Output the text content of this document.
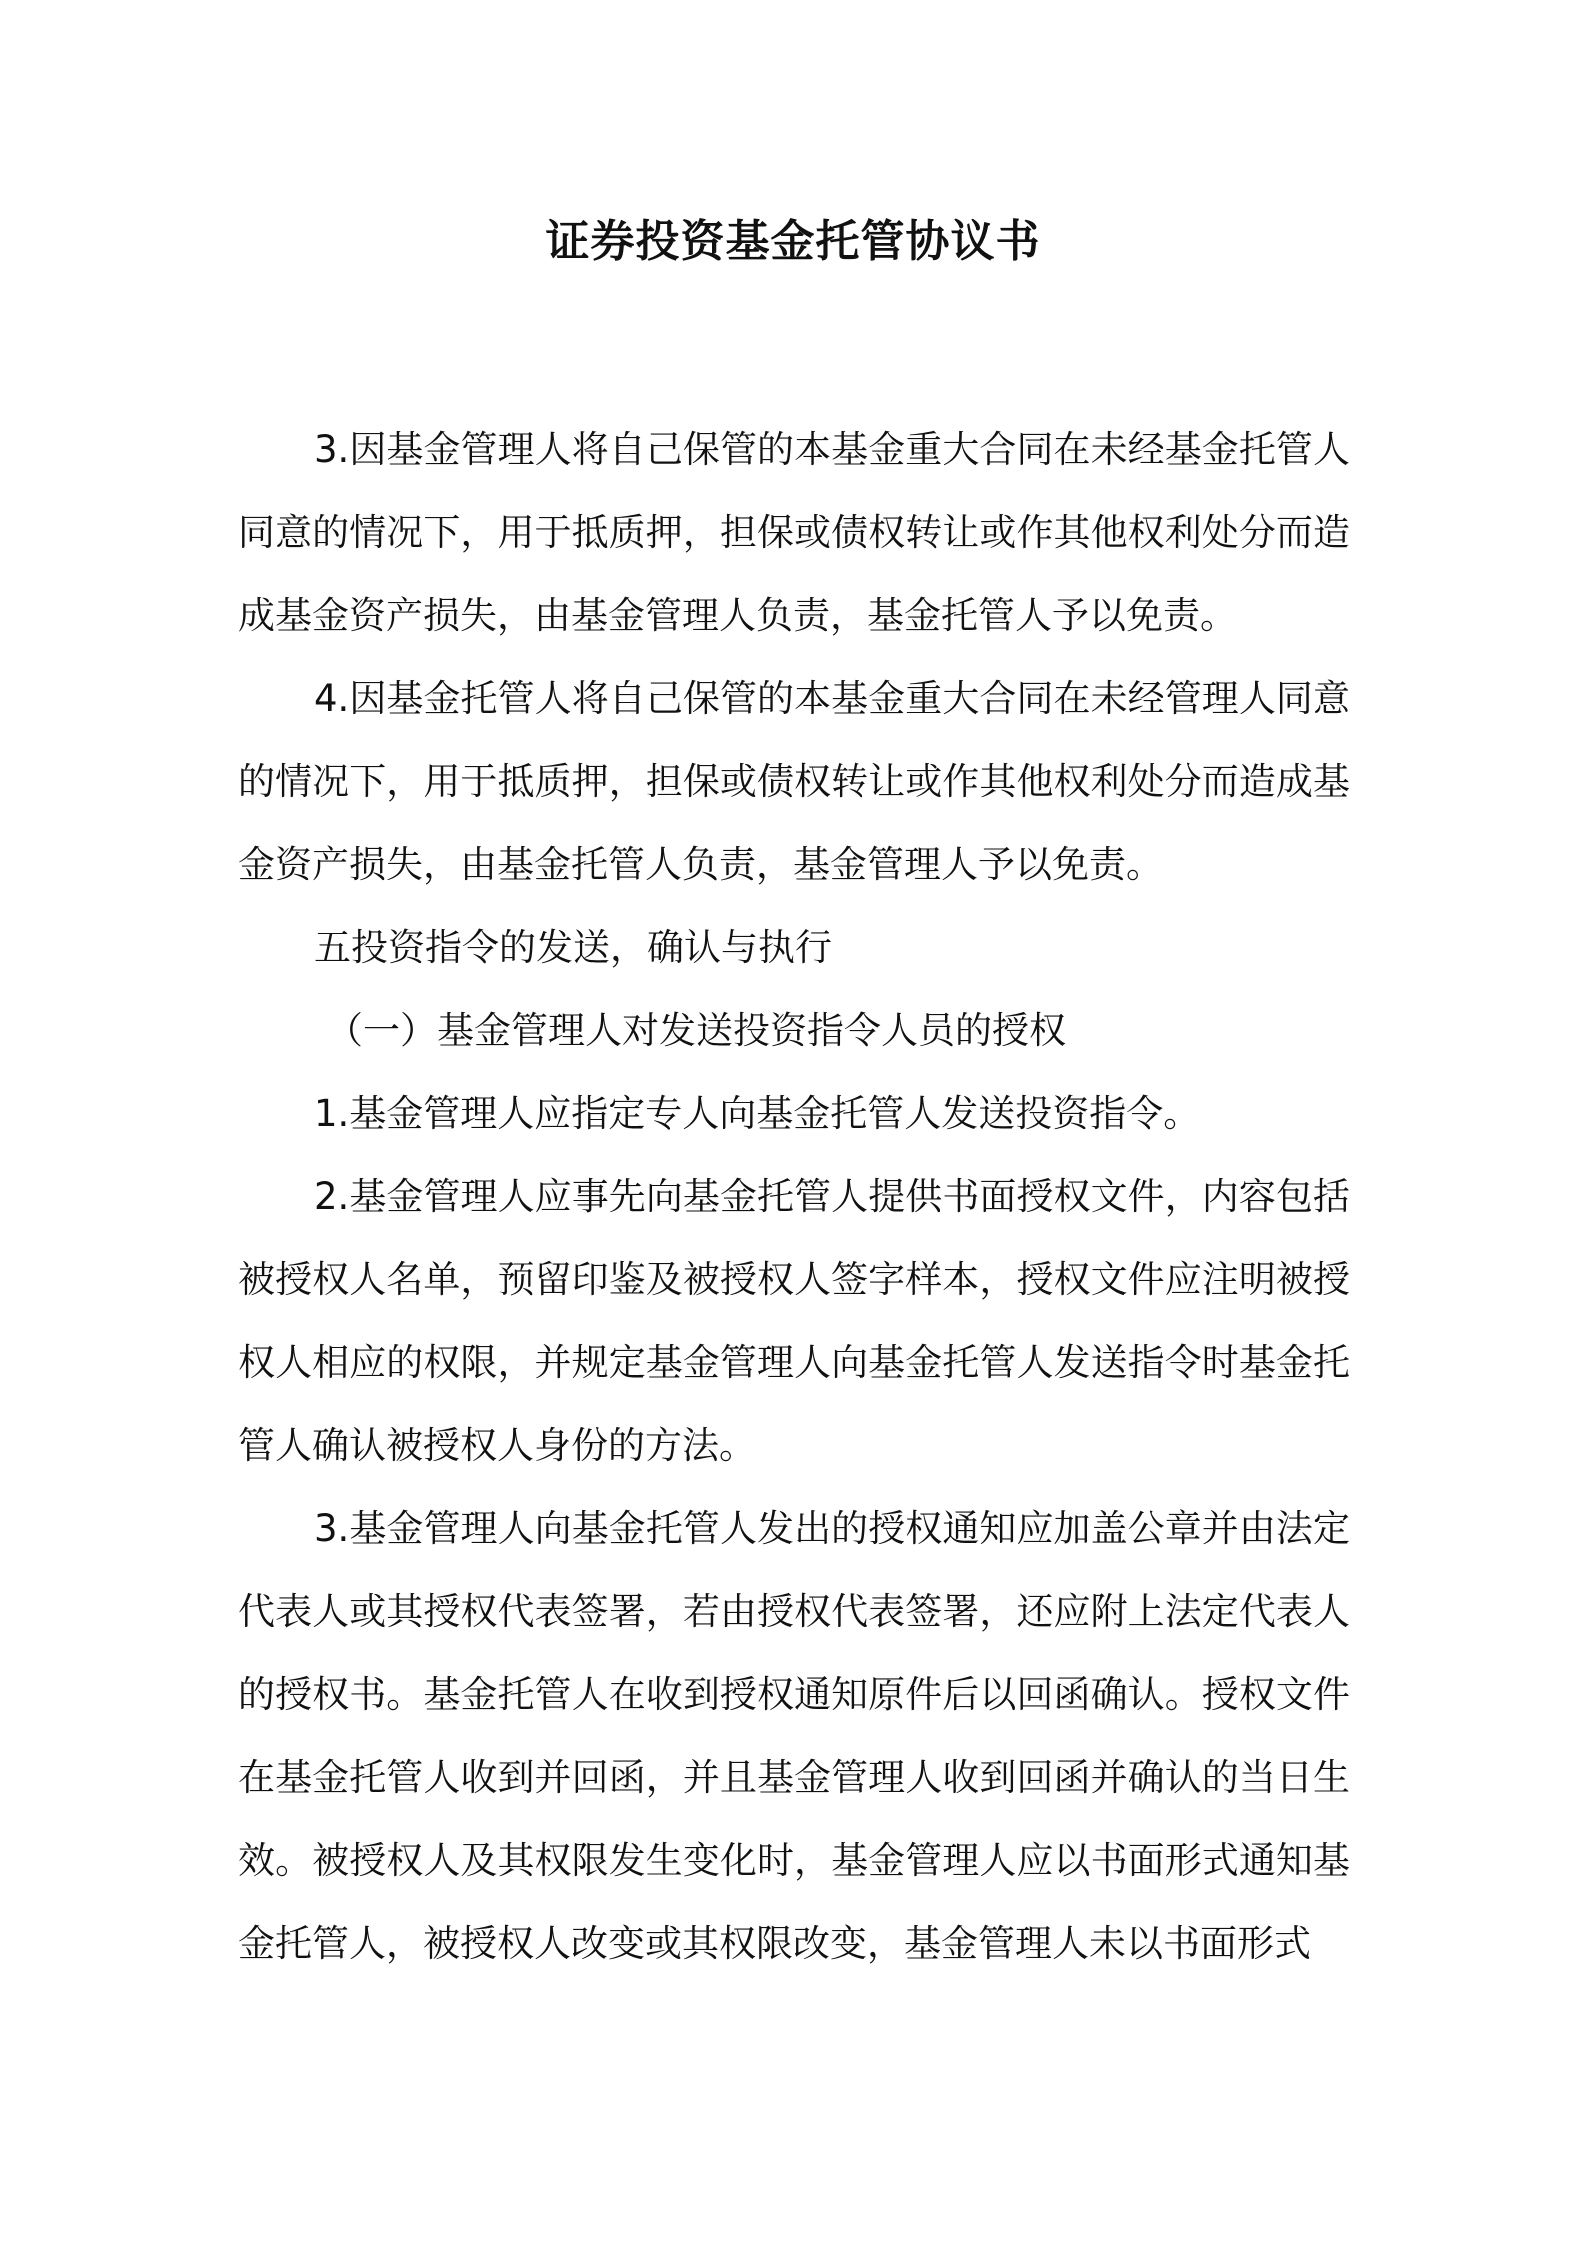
证券投资基金托管协议书

3.因基金管理人将自己保管的本基金重大合同在未经基金托管人同意的情况下，用于抵质押，担保或债权转让或作其他权利处分而造成基金资产损失，由基金管理人负责，基金托管人予以免责。

4.因基金托管人将自己保管的本基金重大合同在未经管理人同意的情况下，用于抵质押，担保或债权转让或作其他权利处分而造成基金资产损失，由基金托管人负责，基金管理人予以免责。

五投资指令的发送，确认与执行

（一）基金管理人对发送投资指令人员的授权

1.基金管理人应指定专人向基金托管人发送投资指令。

2.基金管理人应事先向基金托管人提供书面授权文件，内容包括被授权人名单，预留印鉴及被授权人签字样本，授权文件应注明被授权人相应的权限，并规定基金管理人向基金托管人发送指令时基金托管人确认被授权人身份的方法。

3.基金管理人向基金托管人发出的授权通知应加盖公章并由法定代表人或其授权代表签署，若由授权代表签署，还应附上法定代表人的授权书。基金托管人在收到授权通知原件后以回函确认。授权文件在基金托管人收到并回函，并且基金管理人收到回函并确认的当日生效。被授权人及其权限发生变化时，基金管理人应以书面形式通知基金托管人，被授权人改变或其权限改变，基金管理人未以书面形式
